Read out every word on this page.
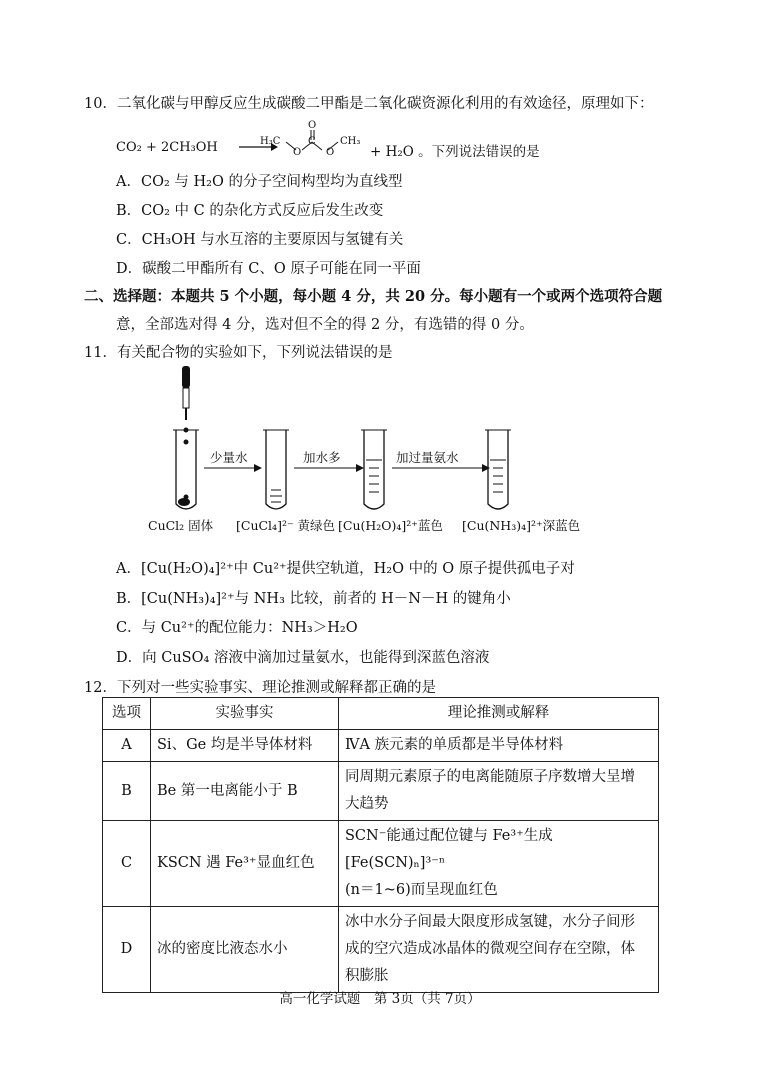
10．二氧化碳与甲醇反应生成碳酸二甲酯是二氧化碳资源化利用的有效途径，原理如下：
CO₂ + 2CH₃OH →
H₃C
O
O
C
O
CH₃
+ H₂O 。下列说法错误的是
A．CO₂ 与 H₂O 的分子空间构型均为直线型
B．CO₂ 中 C 的杂化方式反应后发生改变
C．CH₃OH 与水互溶的主要原因与氢键有关
D．碳酸二甲酯所有 C、O 原子可能在同一平面
二、选择题：本题共 5 个小题，每小题 4 分，共 20 分。每小题有一个或两个选项符合题
意，全部选对得 4 分，选对但不全的得 2 分，有选错的得 0 分。
11．有关配合物的实验如下，下列说法错误的是
少量水	加水多	加过量氨水
CuCl₂ 固体 [CuCl₄]²⁻ 黄绿色 [Cu(H₂O)₄]²⁺蓝色 [Cu(NH₃)₄]²⁺深蓝色
A．[Cu(H₂O)₄]²⁺中 Cu²⁺提供空轨道，H₂O 中的 O 原子提供孤电子对
B．[Cu(NH₃)₄]²⁺与 NH₃ 比较，前者的 H－N－H 的键角小
C．与 Cu²⁺的配位能力：NH₃＞H₂O
D．向 CuSO₄ 溶液中滴加过量氨水，也能得到深蓝色溶液
12．下列对一些实验事实、理论推测或解释都正确的是
选项	实验事实	理论推测或解释
A	Si、Ge 均是半导体材料	ⅣA 族元素的单质都是半导体材料

B	Be 第一电离能小于 B	同周期元素原子的电离能随原子序数增大呈增
大趋势

C	KSCN 遇 Fe³⁺显血红色	SCN⁻能通过配位键与 Fe³⁺生成[Fe(SCN)ₙ]³⁻ⁿ
(n＝1~6)而呈现血红色

D	冰的密度比液态水小	冰中水分子间最大限度形成氢键，水分子间形
成的空穴造成冰晶体的微观空间存在空隙，体
积膨胀
高一化学试题　第 3页（共 7页）
